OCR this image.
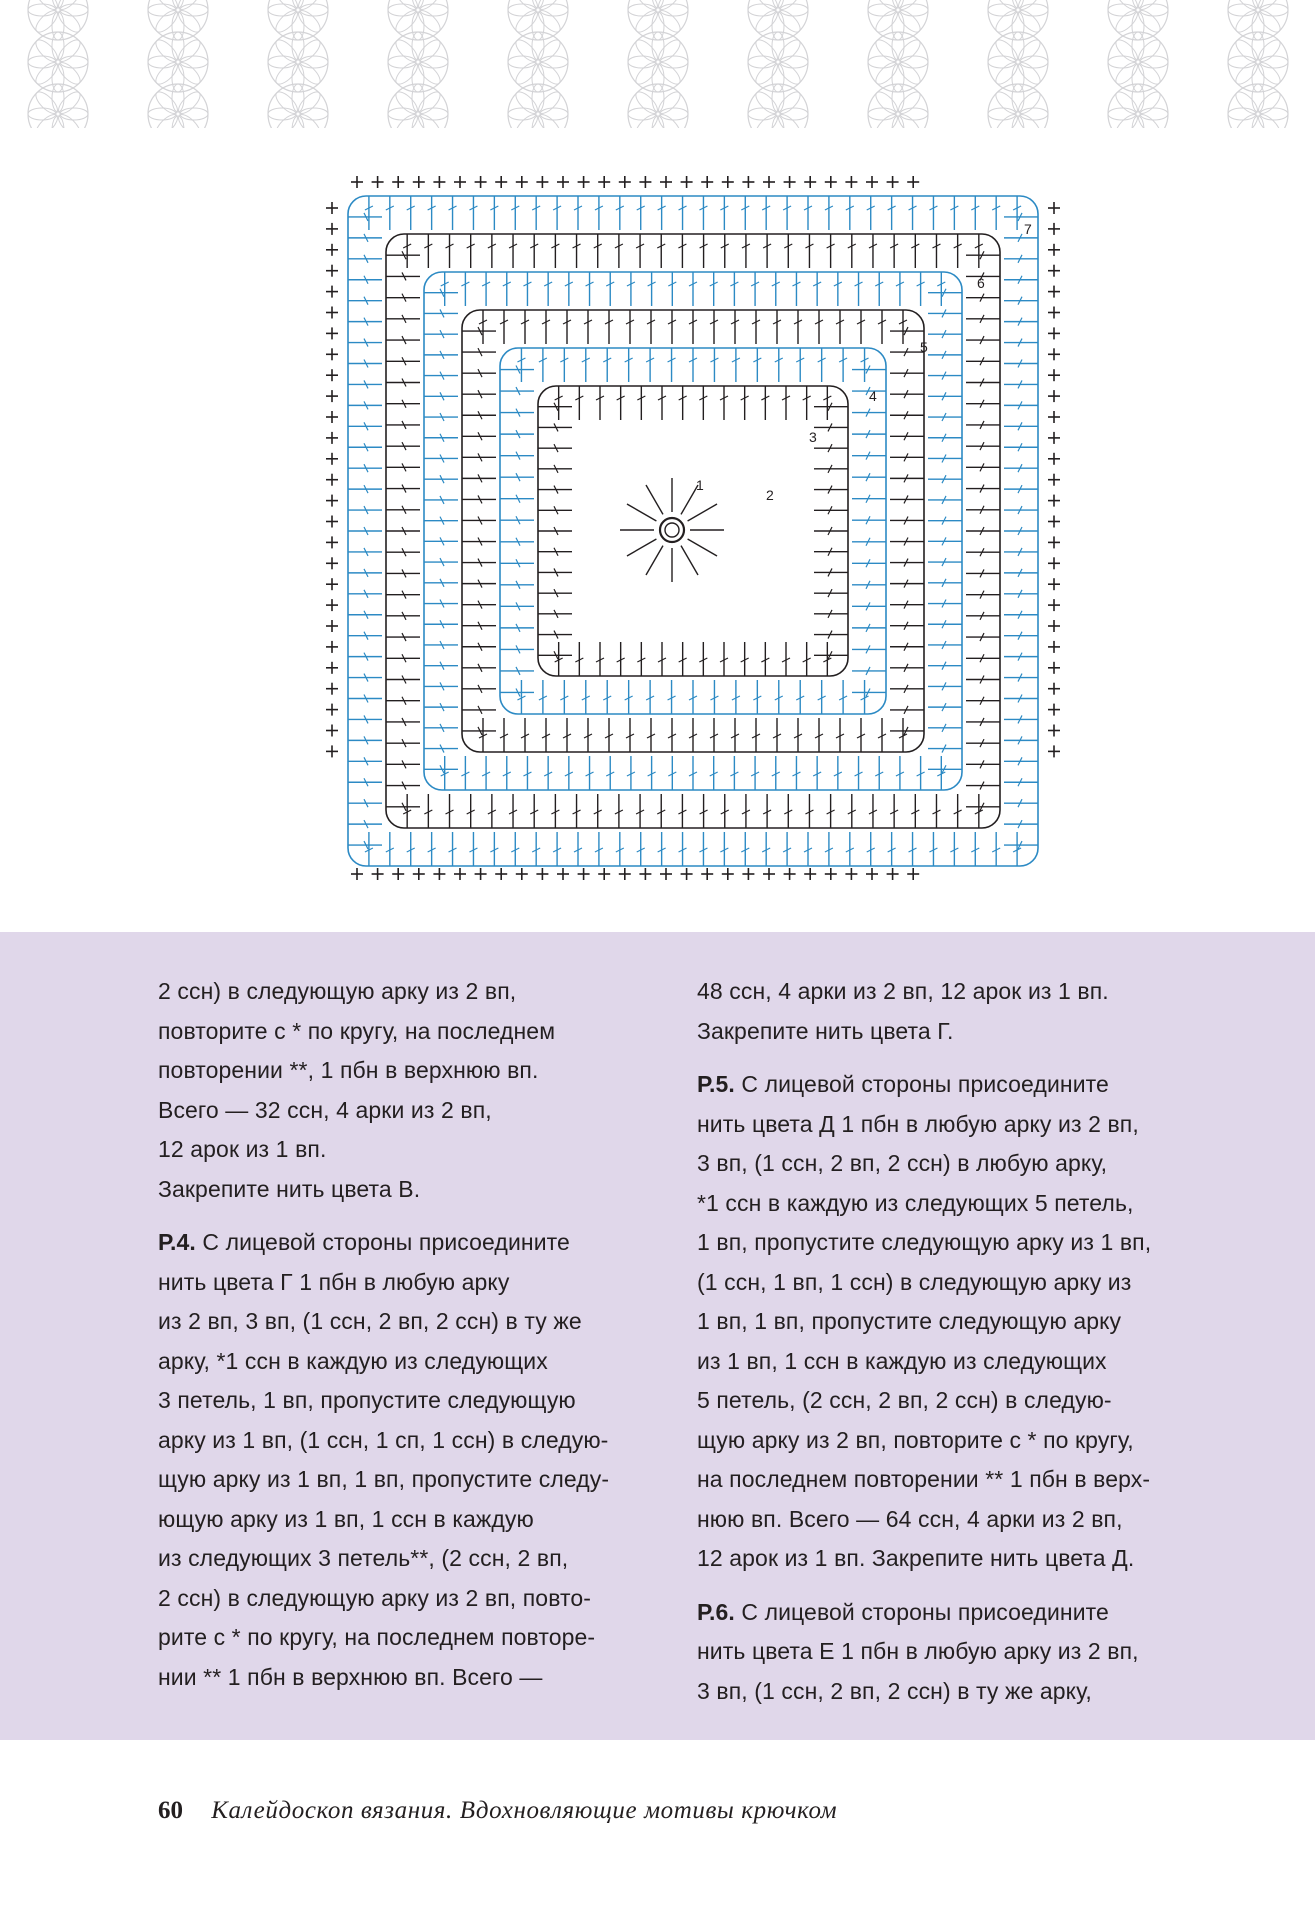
1
2
3
4
5
6
7
2 ссн) в следующую арку из 2 вп,
повторите с * по кругу, на последнем
повторении **, 1 пбн в верхнюю вп.
Всего — 32 ссн, 4 арки из 2 вп,
12 арок из 1 вп.
Закрепите нить цвета В.
Р.4. С лицевой стороны присоедините
нить цвета Г 1 пбн в любую арку
из 2 вп, 3 вп, (1 ссн, 2 вп, 2 ссн) в ту же
арку, *1 ссн в каждую из следующих
3 петель, 1 вп, пропустите следующую
арку из 1 вп, (1 ссн, 1 сп, 1 ссн) в следую-
щую арку из 1 вп, 1 вп, пропустите следу-
ющую арку из 1 вп, 1 ссн в каждую
из следующих 3 петель**, (2 ссн, 2 вп,
2 ссн) в следующую арку из 2 вп, повто-
рите с * по кругу, на последнем повторе-
нии ** 1 пбн в верхнюю вп. Всего —
48 ссн, 4 арки из 2 вп, 12 арок из 1 вп.
Закрепите нить цвета Г.
Р.5. С лицевой стороны присоедините
нить цвета Д 1 пбн в любую арку из 2 вп,
3 вп, (1 ссн, 2 вп, 2 ссн) в любую арку,
*1 ссн в каждую из следующих 5 петель,
1 вп, пропустите следующую арку из 1 вп,
(1 ссн, 1 вп, 1 ссн) в следующую арку из
1 вп, 1 вп, пропустите следующую арку
из 1 вп, 1 ссн в каждую из следующих
5 петель, (2 ссн, 2 вп, 2 ссн) в следую-
щую арку из 2 вп, повторите с * по кругу,
на последнем повторении ** 1 пбн в верх-
нюю вп. Всего — 64 ссн, 4 арки из 2 вп,
12 арок из 1 вп. Закрепите нить цвета Д.
Р.6. С лицевой стороны присоедините
нить цвета Е 1 пбн в любую арку из 2 вп,
3 вп, (1 ссн, 2 вп, 2 ссн) в ту же арку,
60 Калейдоскоп вязания. Вдохновляющие мотивы крючком
